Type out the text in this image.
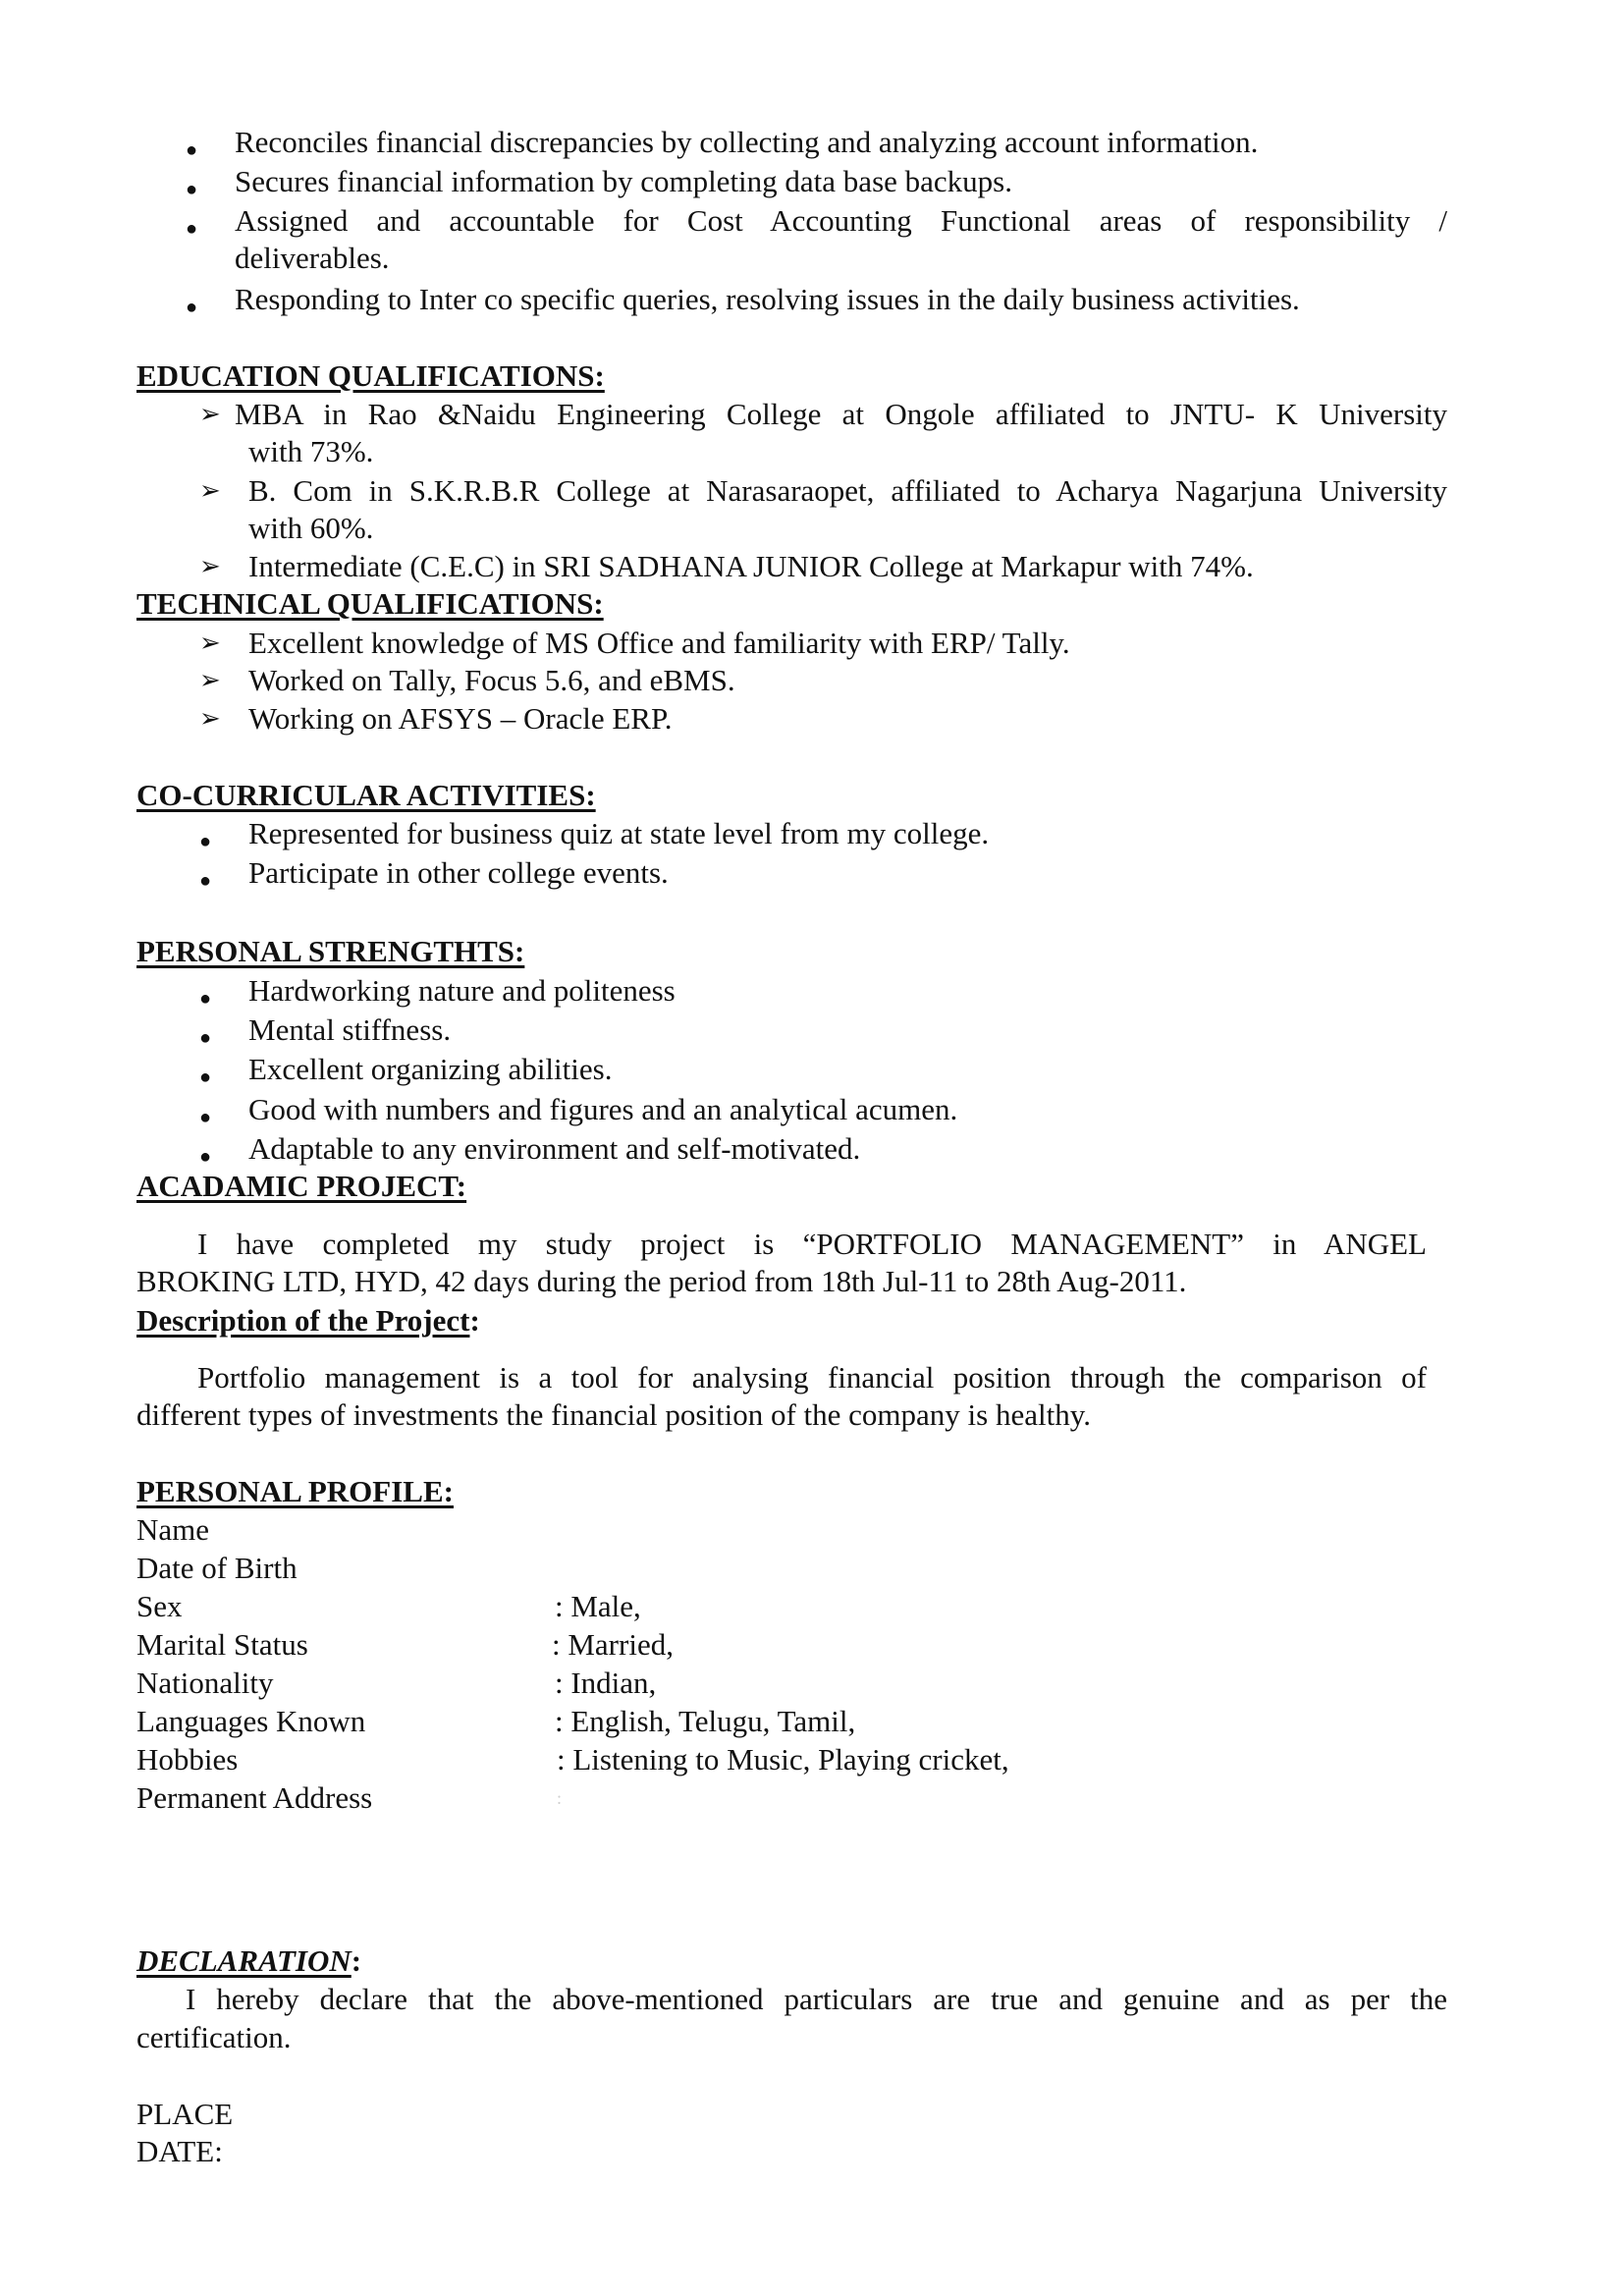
● Reconciles financial discrepancies by collecting and analyzing account information.
● Secures financial information by completing data base backups.
● Assigned and accountable for Cost Accounting Functional areas of responsibility /
deliverables.
● Responding to Inter co specific queries, resolving issues in the daily business activities.
EDUCATION QUALIFICATIONS:
➢ MBA in Rao &Naidu Engineering College at Ongole affiliated to JNTU- K University
with 73%.
➢ B. Com in S.K.R.B.R College at Narasaraopet, affiliated to Acharya Nagarjuna University
with 60%.
➢ Intermediate (C.E.C) in SRI SADHANA JUNIOR College at Markapur with 74%.
TECHNICAL QUALIFICATIONS:
➢ Excellent knowledge of MS Office and familiarity with ERP/ Tally.
➢ Worked on Tally, Focus 5.6, and eBMS.
➢ Working on AFSYS – Oracle ERP.
CO-CURRICULAR ACTIVITIES:
● Represented for business quiz at state level from my college.
● Participate in other college events.
PERSONAL STRENGTHTS:
● Hardworking nature and politeness
● Mental stiffness.
● Excellent organizing abilities.
● Good with numbers and figures and an analytical acumen.
● Adaptable to any environment and self-motivated.
ACADAMIC PROJECT:
I have completed my study project is “PORTFOLIO MANAGEMENT” in ANGEL
BROKING LTD, HYD, 42 days during the period from 18th Jul-11 to 28th Aug-2011.
Description of the Project:
Portfolio management is a tool for analysing financial position through the comparison of
different types of investments the financial position of the company is healthy.
PERSONAL PROFILE:
Name
Date of Birth
Sex	: Male,
Marital Status	: Married,
Nationality	: Indian,
Languages Known	: English, Telugu, Tamil,
Hobbies	: Listening to Music, Playing cricket,
Permanent Address	:
DECLARATION:
I hereby declare that the above-mentioned particulars are true and genuine and as per the
certification.
PLACE
DATE:
